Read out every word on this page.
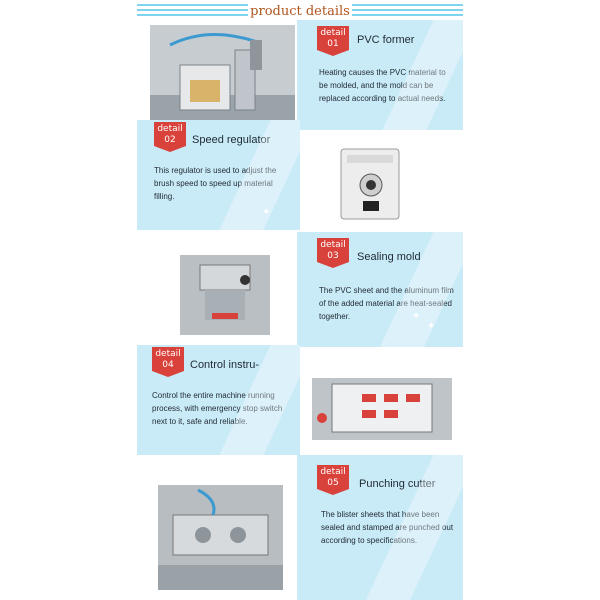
product details
detail
01	PVC former
Heating causes the PVC material to be molded, and the mold can be replaced according to actual needs.
detail
02	Speed regulator
This regulator is used to adjust the brush speed to speed up material filling.
✦
detail
03	Sealing mold
The PVC sheet and the aluminum film of the added material are heat-sealed together.	✦
✦
detail
04	Control instru-
Control the entire machine running process, with emergency stop switch next to it, safe and reliable.
detail
05	Punching cutter
The blister sheets that have been sealed and stamped are punched out according to specifications.
